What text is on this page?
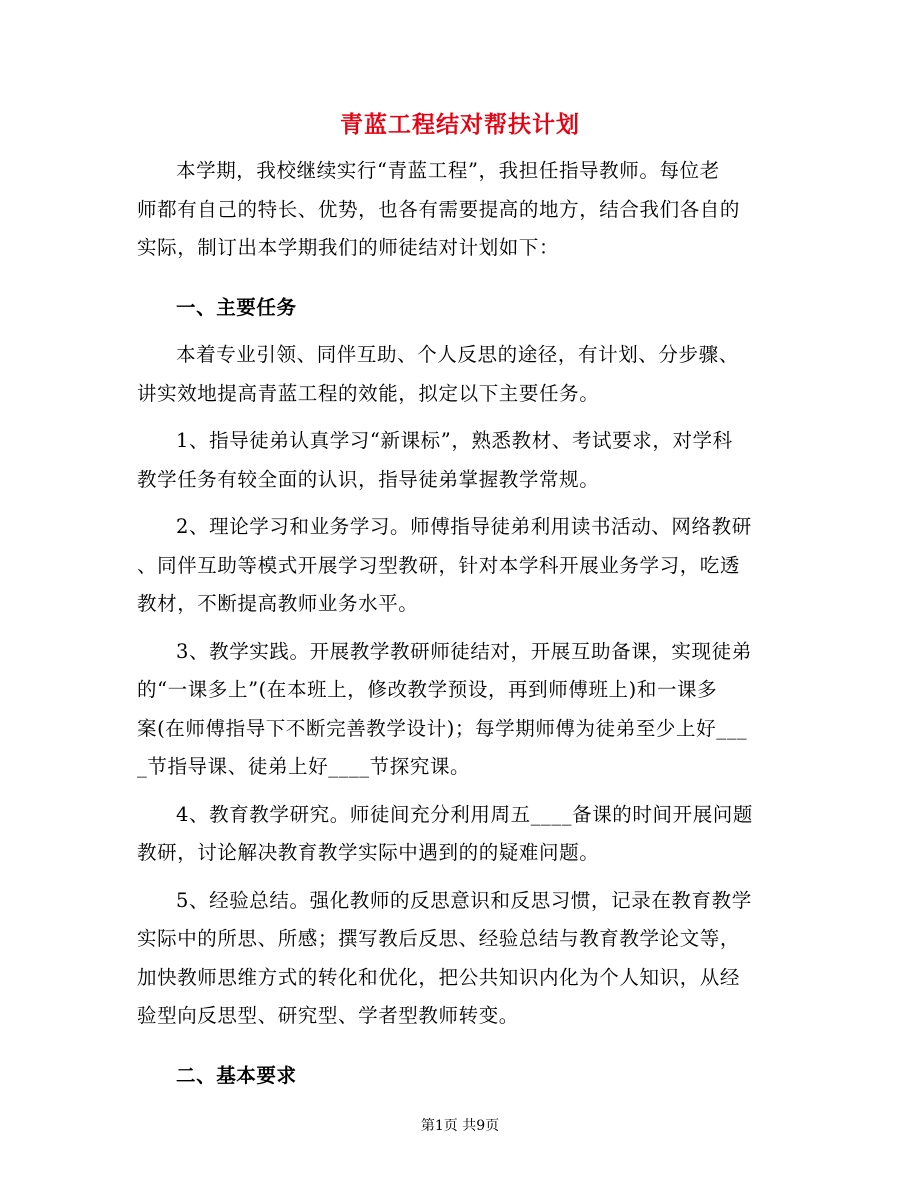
青蓝工程结对帮扶计划
本学期，我校继续实行“青蓝工程”，我担任指导教师。每位老
师都有自己的特长、优势，也各有需要提高的地方，结合我们各自的
实际，制订出本学期我们的师徒结对计划如下：
一、主要任务
本着专业引领、同伴互助、个人反思的途径，有计划、分步骤、
讲实效地提高青蓝工程的效能，拟定以下主要任务。
1、指导徒弟认真学习“新课标”，熟悉教材、考试要求，对学科
教学任务有较全面的认识，指导徒弟掌握教学常规。
2、理论学习和业务学习。师傅指导徒弟利用读书活动、网络教研
、同伴互助等模式开展学习型教研，针对本学科开展业务学习，吃透
教材，不断提高教师业务水平。
3、教学实践。开展教学教研师徒结对，开展互助备课，实现徒弟
的“一课多上”(在本班上，修改教学预设，再到师傅班上)和一课多
案(在师傅指导下不断完善教学设计)；每学期师傅为徒弟至少上好___
_节指导课、徒弟上好____节探究课。
4、教育教学研究。师徒间充分利用周五____备课的时间开展问题
教研，讨论解决教育教学实际中遇到的的疑难问题。
5、经验总结。强化教师的反思意识和反思习惯，记录在教育教学
实际中的所思、所感；撰写教后反思、经验总结与教育教学论文等，
加快教师思维方式的转化和优化，把公共知识内化为个人知识，从经
验型向反思型、研究型、学者型教师转变。
二、基本要求
第1页 共9页
